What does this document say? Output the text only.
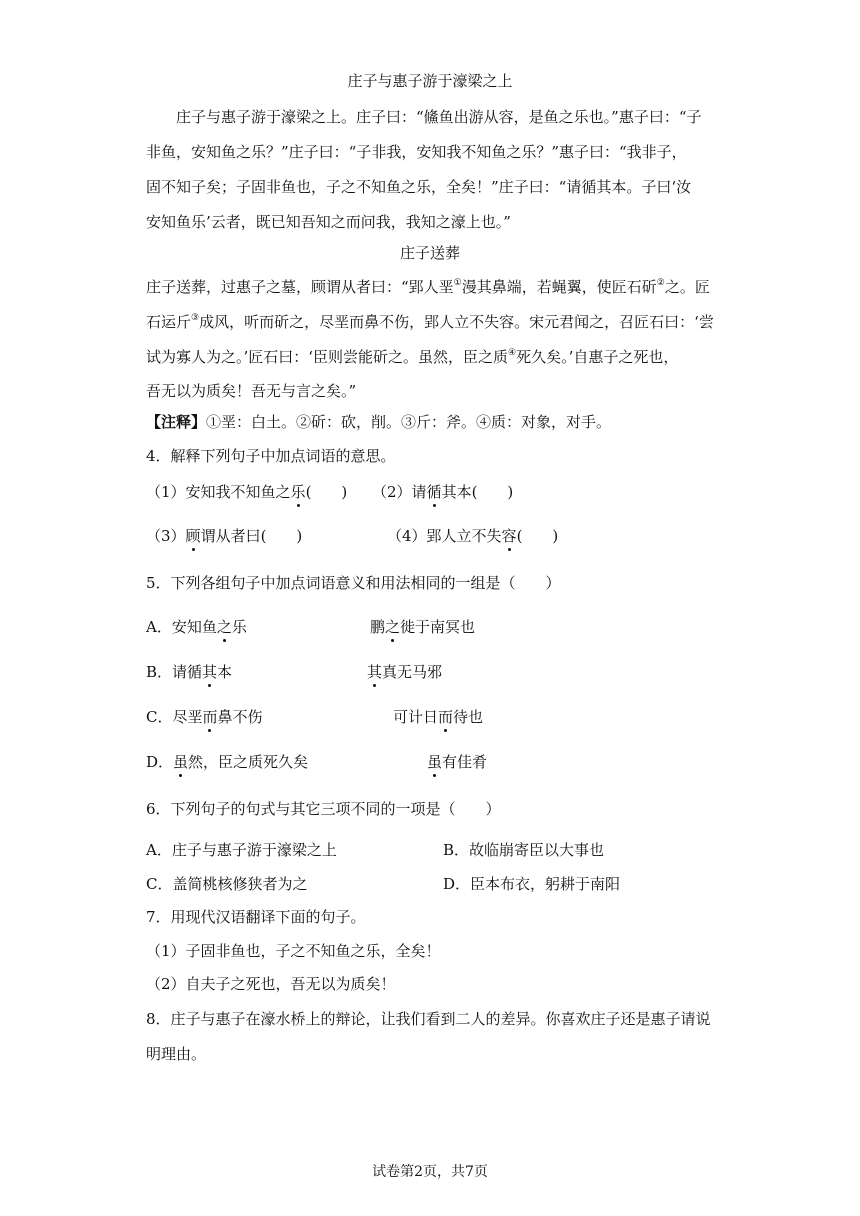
庄子与惠子游于濠梁之上
庄子与惠子游于濠梁之上。庄子曰：“鯈鱼出游从容，是鱼之乐也。”惠子曰：“子
非鱼，安知鱼之乐？”庄子曰：“子非我，安知我不知鱼之乐？”惠子曰：“我非子，
固不知子矣；子固非鱼也，子之不知鱼之乐，全矣！”庄子曰：“请循其本。子曰‘汝
安知鱼乐’云者，既已知吾知之而问我，我知之濠上也。”
庄子送葬
庄子送葬，过惠子之墓，顾谓从者曰：“郢人垩①漫其鼻端，若蝇翼，使匠石斫②之。匠
石运斤③成风，听而斫之，尽垩而鼻不伤，郢人立不失容。宋元君闻之，召匠石曰：‘尝
试为寡人为之。’匠石曰：‘臣则尝能斫之。虽然，臣之质④死久矣。’自惠子之死也，
吾无以为质矣！吾无与言之矣。”
【注释】①垩：白土。②斫：砍，削。③斤：斧。④质：对象，对手。
4．解释下列句子中加点词语的意思。
（1）安知我不知鱼之乐(　　) （2）请循其本(　　)
（3）顾谓从者曰(　　)	（4）郢人立不失容(　　)
5．下列各组句子中加点词语意义和用法相同的一组是（　　）
A．安知鱼之乐	鹏之徙于南冥也
B．请循其本	其真无马邪
C．尽垩而鼻不伤	可计日而待也
D．虽然，臣之质死久矣	虽有佳肴
6．下列句子的句式与其它三项不同的一项是（　　）
A．庄子与惠子游于濠梁之上	B．故临崩寄臣以大事也
C．盖简桃核修狭者为之	D．臣本布衣，躬耕于南阳
7．用现代汉语翻译下面的句子。
（1）子固非鱼也，子之不知鱼之乐，全矣！
（2）自夫子之死也，吾无以为质矣！
8．庄子与惠子在濠水桥上的辩论，让我们看到二人的差异。你喜欢庄子还是惠子请说
明理由。
试卷第2页，共7页
